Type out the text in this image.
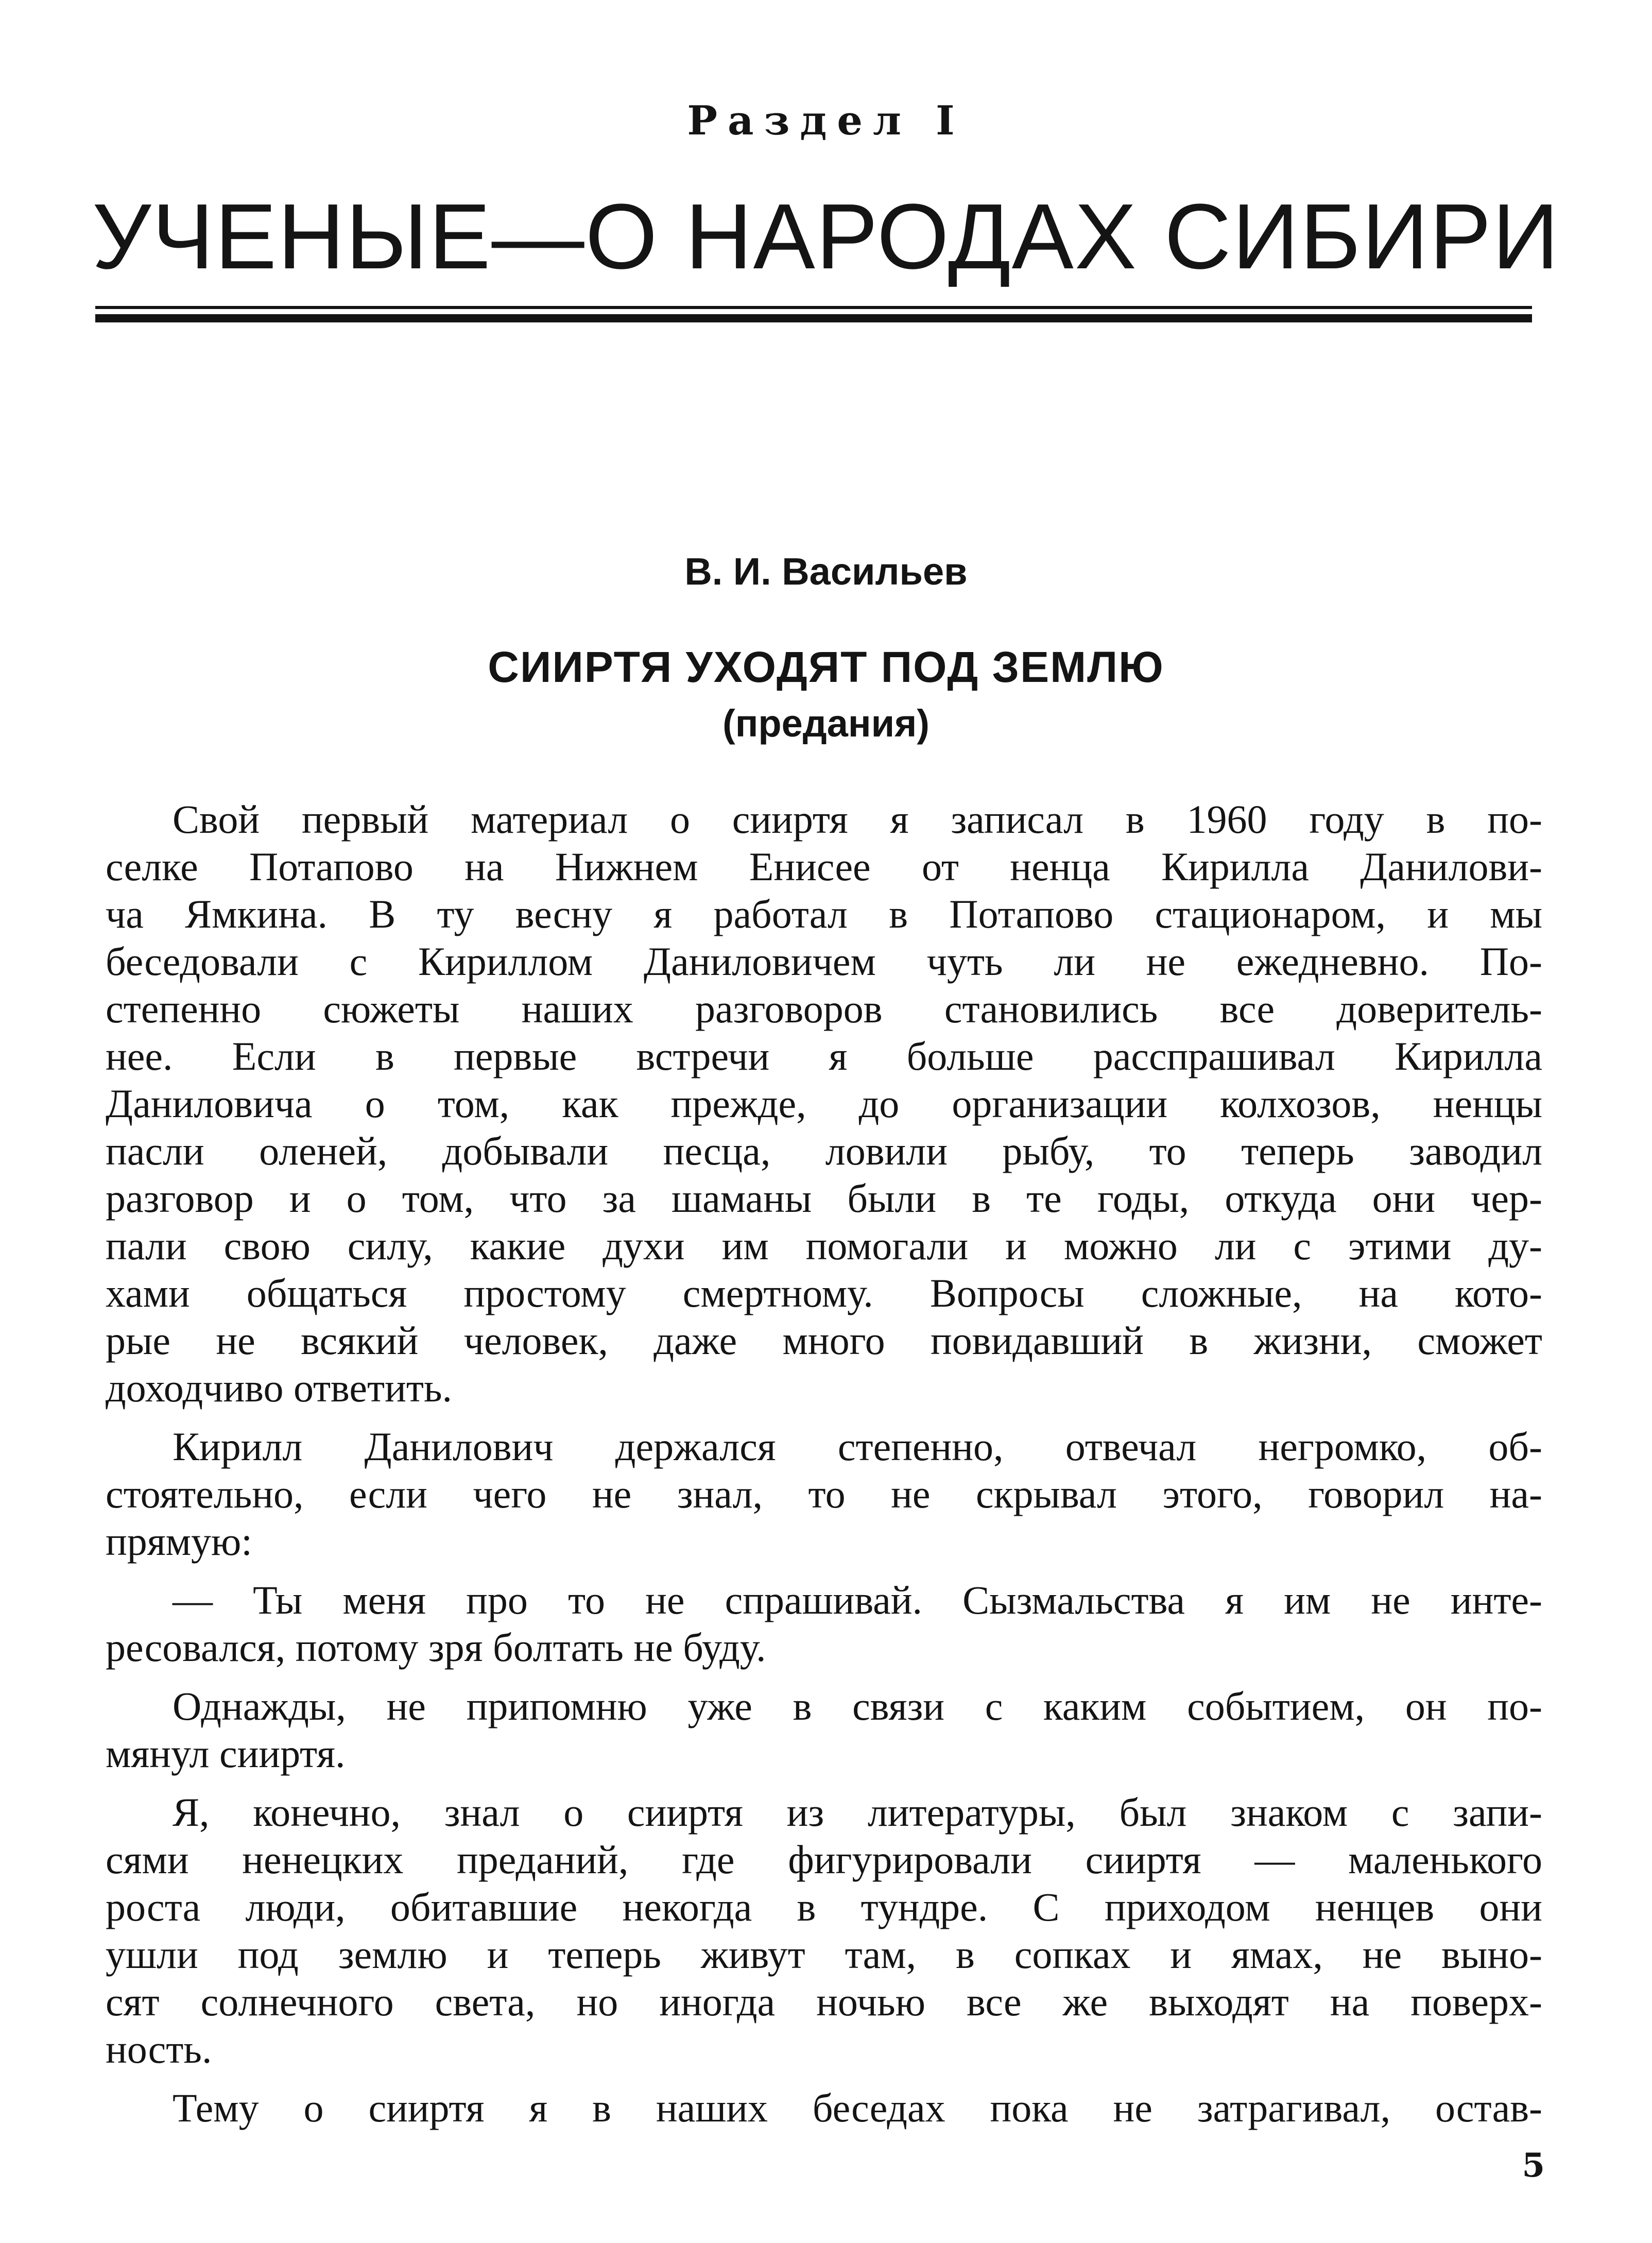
Раздел I
УЧЕНЫЕ—О НАРОДАХ СИБИРИ
В. И. Васильев
СИИРТЯ УХОДЯТ ПОД ЗЕМЛЮ
(предания)
Свой первый материал о сииртя я записал в 1960 году в по-
селке Потапово на Нижнем Енисее от ненца Кирилла Данилови-
ча Ямкина. В ту весну я работал в Потапово стационаром, и мы
беседовали с Кириллом Даниловичем чуть ли не ежедневно. По-
степенно сюжеты наших разговоров становились все доверитель-
нее. Если в первые встречи я больше расспрашивал Кирилла
Даниловича о том, как прежде, до организации колхозов, ненцы
пасли оленей, добывали песца, ловили рыбу, то теперь заводил
разговор и о том, что за шаманы были в те годы, откуда они чер-
пали свою силу, какие духи им помогали и можно ли с этими ду-
хами общаться простому смертному. Вопросы сложные, на кото-
рые не всякий человек, даже много повидавший в жизни, сможет
доходчиво ответить.
Кирилл Данилович держался степенно, отвечал негромко, об-
стоятельно, если чего не знал, то не скрывал этого, говорил на-
прямую:
— Ты меня про то не спрашивай. Сызмальства я им не инте-
ресовался, потому зря болтать не буду.
Однажды, не припомню уже в связи с каким событием, он по-
мянул сииртя.
Я, конечно, знал о сииртя из литературы, был знаком с запи-
сями ненецких преданий, где фигурировали сииртя — маленького
роста люди, обитавшие некогда в тундре. С приходом ненцев они
ушли под землю и теперь живут там, в сопках и ямах, не выно-
сят солнечного света, но иногда ночью все же выходят на поверх-
ность.
Тему о сииртя я в наших беседах пока не затрагивал, остав-
5
